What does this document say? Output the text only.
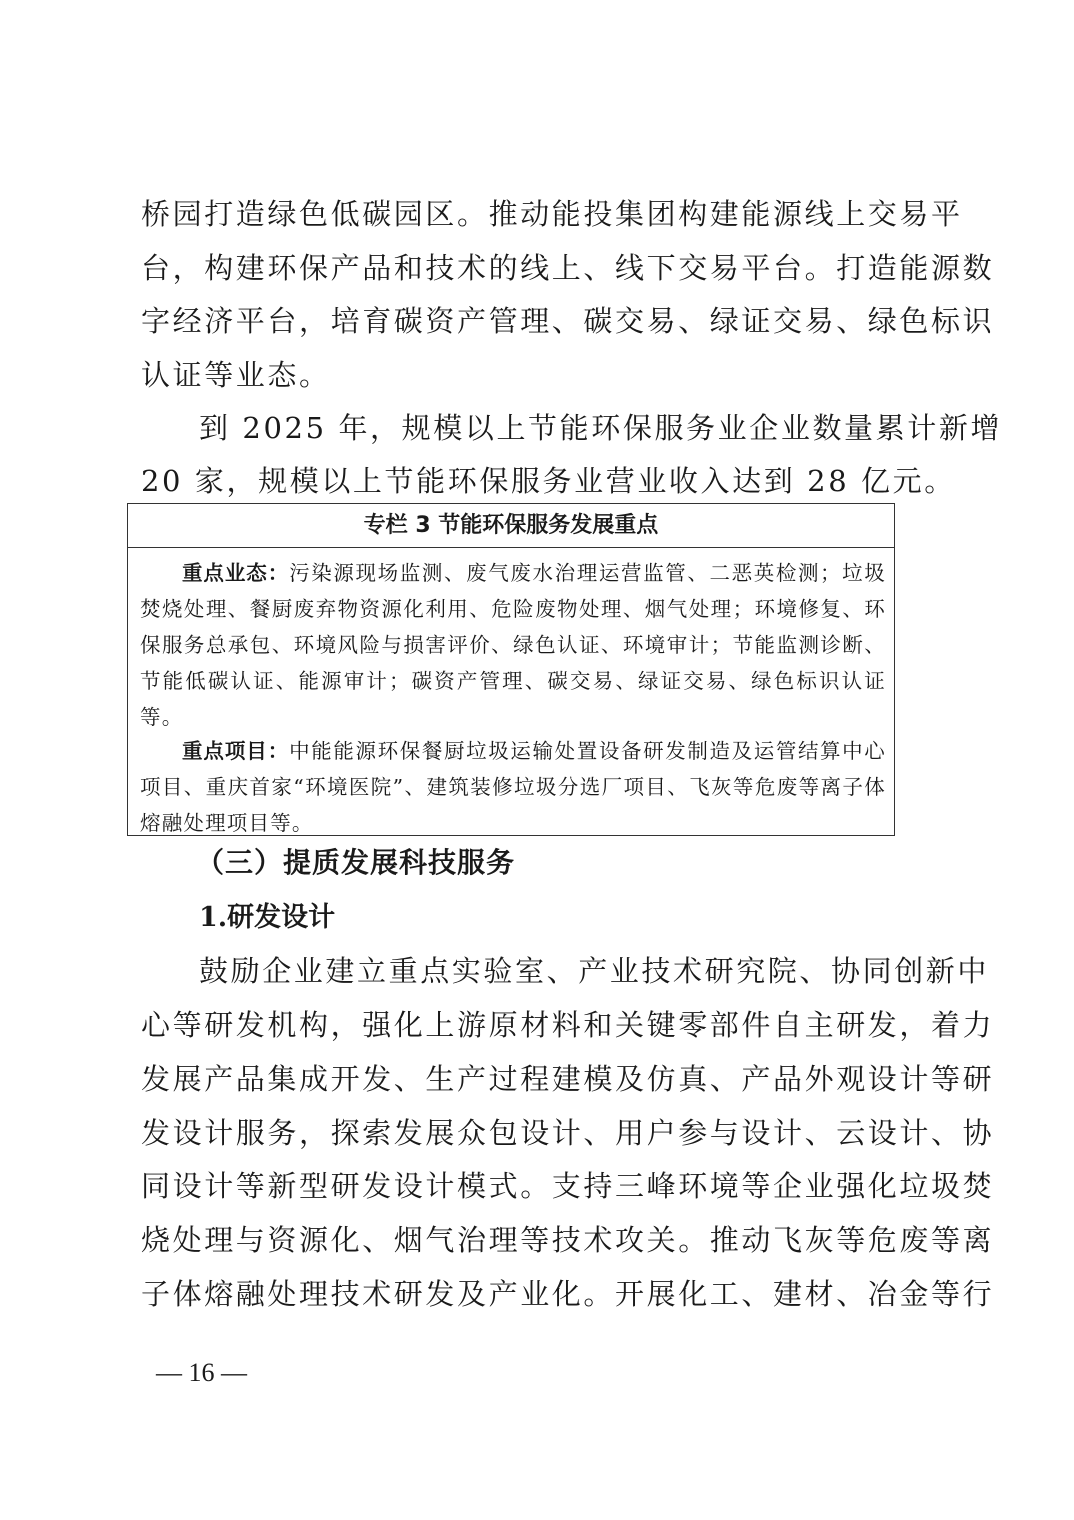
桥园打造绿色低碳园区。推动能投集团构建能源线上交易平
台，构建环保产品和技术的线上、线下交易平台。打造能源数
字经济平台，培育碳资产管理、碳交易、绿证交易、绿色标识
认证等业态。
到 2025 年，规模以上节能环保服务业企业数量累计新增
20 家，规模以上节能环保服务业营业收入达到 28 亿元。
专栏 3 节能环保服务发展重点
重点业态：污染源现场监测、废气废水治理运营监管、二恶英检测；垃圾
焚烧处理、餐厨废弃物资源化利用、危险废物处理、烟气处理；环境修复、环
保服务总承包、环境风险与损害评价、绿色认证、环境审计；节能监测诊断、
节能低碳认证、能源审计；碳资产管理、碳交易、绿证交易、绿色标识认证
等。
重点项目：中能能源环保餐厨垃圾运输处置设备研发制造及运管结算中心
项目、重庆首家“环境医院”、建筑装修垃圾分选厂项目、飞灰等危废等离子体
熔融处理项目等。
（三）提质发展科技服务
1.研发设计
鼓励企业建立重点实验室、产业技术研究院、协同创新中
心等研发机构，强化上游原材料和关键零部件自主研发，着力
发展产品集成开发、生产过程建模及仿真、产品外观设计等研
发设计服务，探索发展众包设计、用户参与设计、云设计、协
同设计等新型研发设计模式。支持三峰环境等企业强化垃圾焚
烧处理与资源化、烟气治理等技术攻关。推动飞灰等危废等离
子体熔融处理技术研发及产业化。开展化工、建材、冶金等行
— 16 —
